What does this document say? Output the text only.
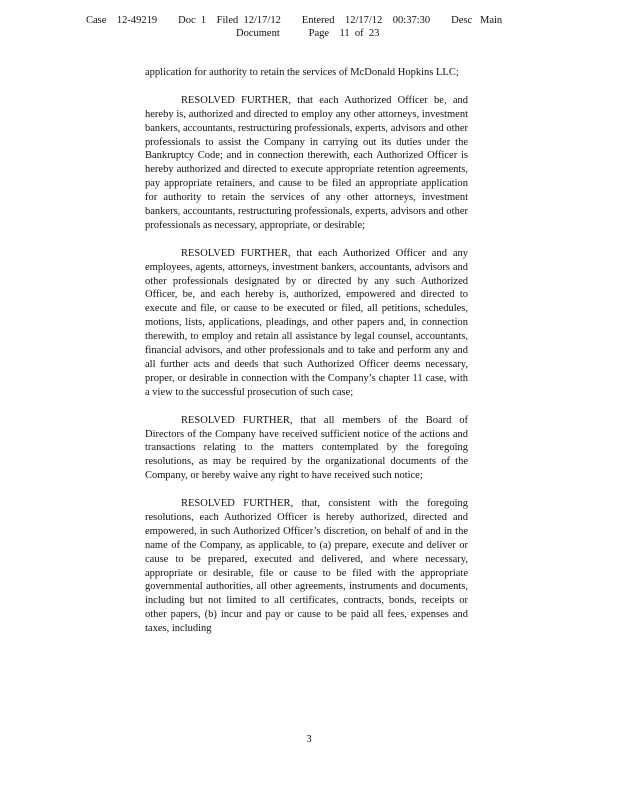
Case    12-49219        Doc  1    Filed  12/17/12        Entered    12/17/12    00:37:30        Desc   Main
Document           Page    11  of  23

application for authority to retain the services of McDonald Hopkins LLC;

RESOLVED FURTHER, that each Authorized Officer be, and hereby is, authorized and directed to employ any other attorneys, investment bankers, accountants, restructuring professionals, experts, advisors and other professionals to assist the Company in carrying out its duties under the Bankruptcy Code; and in connection therewith, each Authorized Officer is hereby authorized and directed to execute appropriate retention agreements, pay appropriate retainers, and cause to be filed an appropriate application for authority to retain the services of any other attorneys, investment bankers, accountants, restructuring professionals, experts, advisors and other professionals as necessary, appropriate, or desirable;

RESOLVED FURTHER, that each Authorized Officer and any employees, agents, attorneys, investment bankers, accountants, advisors and other professionals designated by or directed by any such Authorized Officer, be, and each hereby is, authorized, empowered and directed to execute and file, or cause to be executed or filed, all petitions, schedules, motions, lists, applications, pleadings, and other papers and, in connection therewith, to employ and retain all assistance by legal counsel, accountants, financial advisors, and other professionals and to take and perform any and all further acts and deeds that such Authorized Officer deems necessary, proper, or desirable in connection with the Company’s chapter 11 case, with a view to the successful prosecution of such case;

RESOLVED FURTHER, that all members of the Board of Directors of the Company have received sufficient notice of the actions and transactions relating to the matters contemplated by the foregoing resolutions, as may be required by the organizational documents of the Company, or hereby waive any right to have received such notice;

RESOLVED FURTHER, that, consistent with the foregoing resolutions, each Authorized Officer is hereby authorized, directed and empowered, in such Authorized Officer’s discretion, on behalf of and in the name of the Company, as applicable, to (a) prepare, execute and deliver or cause to be prepared, executed and delivered, and where necessary, appropriate or desirable, file or cause to be filed with the appropriate governmental authorities, all other agreements, instruments and documents, including but not limited to all certificates, contracts, bonds, receipts or other papers, (b) incur and pay or cause to be paid all fees, expenses and taxes, including

3
